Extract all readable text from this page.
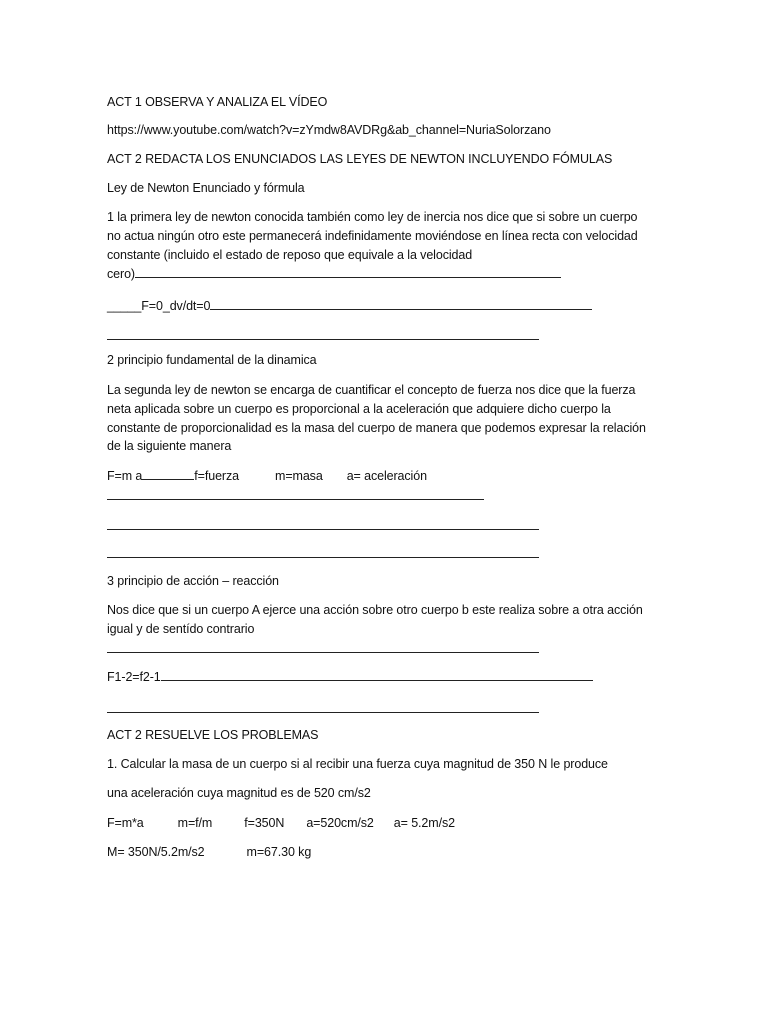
ACT 1 OBSERVA Y ANALIZA EL VÍDEO
https://www.youtube.com/watch?v=zYmdw8AVDRg&ab_channel=NuriaSolorzano
ACT 2 REDACTA LOS ENUNCIADOS LAS LEYES DE NEWTON INCLUYENDO FÓMULAS
Ley de Newton Enunciado y fórmula
1 la primera ley de newton conocida también como ley de inercia nos dice que si sobre un cuerpo
no actua ningún otro este permanecerá indefinidamente moviéndose en línea recta con velocidad
constante (incluido el estado de reposo que equivale a la velocidad
cero)
_____F=0_dv/dt=0
2 principio fundamental de la dinamica
La segunda ley de newton se encarga de cuantificar el concepto de fuerza nos dice que la fuerza
neta aplicada sobre un cuerpo es proporcional a la aceleración que adquiere dicho cuerpo la
constante de proporcionalidad es la masa del cuerpo de manera que podemos expresar la relación
de la siguiente manera
F=m a	f=fuerza	m=masa a= aceleración
3 principio de acción – reacción
Nos dice que si un cuerpo A ejerce una acción sobre otro cuerpo b este realiza sobre a otra acción
igual y de sentído contrario
F1-2=f2-1
ACT 2 RESUELVE LOS PROBLEMAS
1. Calcular la masa de un cuerpo si al recibir una fuerza cuya magnitud de 350 N le produce
una aceleración cuya magnitud es de 520 cm/s2
F=m*a	m=f/m	f=350N a=520cm/s2 a= 5.2m/s2
M= 350N/5.2m/s2	m=67.30 kg
